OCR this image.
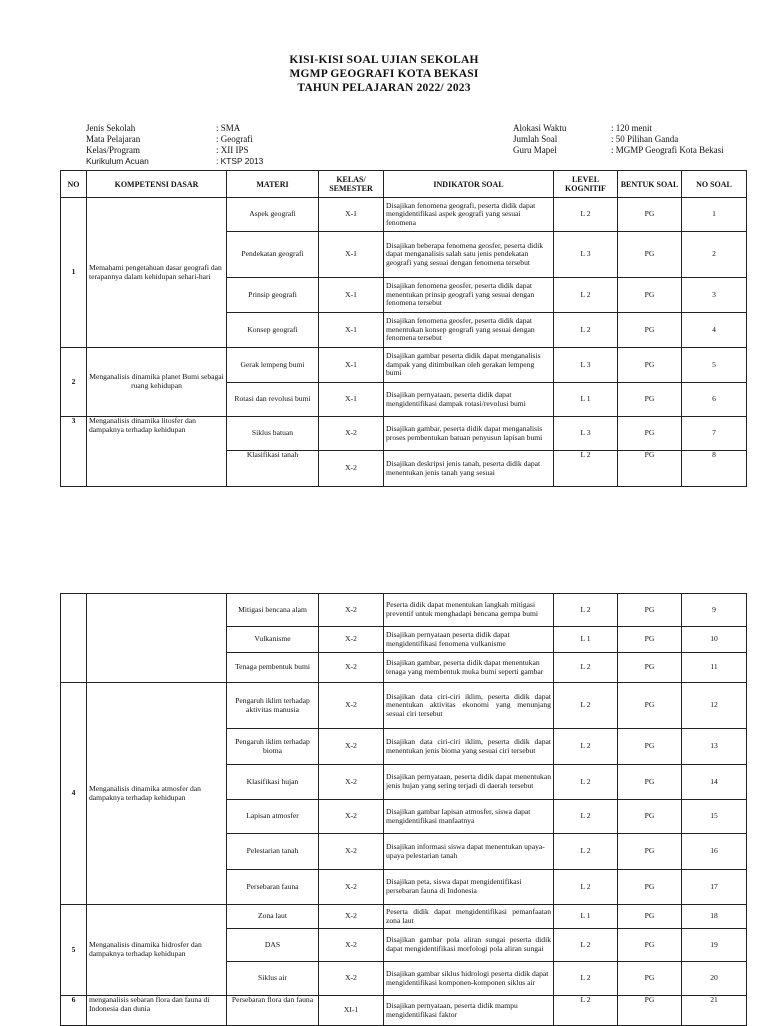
KISI-KISI SOAL UJIAN SEKOLAH
MGMP GEOGRAFI KOTA BEKASI
TAHUN PELAJARAN 2022/ 2023
Jenis Sekolah	: SMA
Mata Pelajaran	: Geografi
Kelas/Program	: XII IPS
Kurikulum Acuan	: KTSP 2013
Alokasi Waktu	: 120 menit
Jumlah Soal	: 50 Pilihan Ganda
Guru Mapel	: MGMP Geografi Kota Bekasi
NO	KOMPETENSI DASAR	MATERI	KELAS/ SEMESTER	INDIKATOR SOAL	LEVEL KOGNITIF	BENTUK SOAL	NO SOAL
1	Memahami pengetahuan dasar geografi dan terapannya dalam kehidupan sehari-hari	Aspek geografi	X-1	Disajikan fenomena geografi, peserta didik dapat mengidentifikasi aspek geografi yang sesuai fenomena	L 2	PG	1
		Pendekatan geografi	X-1	Disajikan beberapa fenomena geosfer, peserta didik dapat menganalisis salah satu jenis pendekatan geografi yang sesuai dengan fenomena tersebut	L 3	PG	2
		Prinsip geografi	X-1	Disajikan fenomena geosfer, peserta didik dapat menentukan prinsip geografi yang sesuai dengan fenomena tersebut	L 2	PG	3
		Konsep geografi	X-1	Disajikan fenomena geosfer, peserta didik dapat menentukan konsep geografi yang sesuai dengan fenomena tersebut	L 2	PG	4
2	Menganalisis dinamika planet Bumi sebagai ruang kehidupan	Gerak lempeng bumi	X-1	Disajikan gambar peserta didik dapat menganalisis dampak yang ditimbulkan oleh gerakan lempeng bumi	L 3	PG	5
		Rotasi dan revolusi bumi	X-1	Disajikan pernyataan, peserta didik dapat mengidentifikasi dampak rotasi/revolusi bumi	L 1	PG	6
3	Menganalisis dinamika litosfer dan dampaknya terhadap kehidupan	Siklus batuan	X-2	Disajikan gambar, peserta didik dapat menganalisis proses pembentukan batuan penyusun lapisan bumi	L 3	PG	7
		Klasifikasi tanah	X-2	Disajikan deskripsi jenis tanah, peserta didik dapat menentukan jenis tanah yang sesuai	L 2	PG	8
		Mitigasi bencana alam	X-2	Peserta didik dapat menentukan langkah mitigasi preventif untuk menghadapi bencana gempa bumi	L 2	PG	9
		Vulkanisme	X-2	Disajikan pernyataan peserta didik dapat mengidentifikasi fenomena vulkanisme	L 1	PG	10
		Tenaga pembentuk bumi	X-2	Disajikan gambar, peserta didik dapat menentukan tenaga yang membentuk muka bumi seperti gambar	L 2	PG	11
4	Menganalisis dinamika atmosfer dan dampaknya terhadap kehidupan	Pengaruh iklim terhadap aktivitas manusia	X-2	Disajikan data ciri-ciri iklim, peserta didik dapat menentukan aktivitas ekonomi yang menunjang sesuai ciri tersebut	L 2	PG	12
		Pengaruh iklim terhadap bioma	X-2	Disajikan data ciri-ciri iklim, peserta didik dapat menentukan jenis bioma yang sesuai ciri tersebut	L 2	PG	13
		Klasifikasi hujan	X-2	Disajikan pernyataan, peserta didik dapat menentukan jenis hujan yang sering terjadi di daerah tersebut	L 2	PG	14
		Lapisan atmosfer	X-2	Disajikan gambar lapisan atmosfer, siswa dapat mengidentifikasi manfaatnya	L 2	PG	15
		Pelestarian tanah	X-2	Disajikan informasi siswa dapat menentukan upaya-upaya pelestarian tanah	L 2	PG	16
		Persebaran fauna	X-2	Disajikan peta, siswa dapat mengidentifikasi persebaran fauna di Indonesia	L 2	PG	17
5	Menganalisis dinamika hidrosfer dan dampaknya terhadap kehidupan	Zona laut	X-2	Peserta didik dapat mengidentifikasi pemanfaatan zona laut	L 1	PG	18
		DAS	X-2	Disajikan gambar pola aliran sungai peserta didik dapat mengidentifikasi morfologi pola aliran sungai	L 2	PG	19
		Siklus air	X-2	Disajikan gambar siklus hidrologi peserta didik dapat mengidentifikasi komponen-komponen siklus air	L 2	PG	20
6	menganalisis sebaran flora dan fauna di Indonesia dan dunia	Persebaran flora dan fauna	XI-1	Disajikan pernyataan, peserta didik mampu mengidentifikasi faktor	L 2	PG	21
